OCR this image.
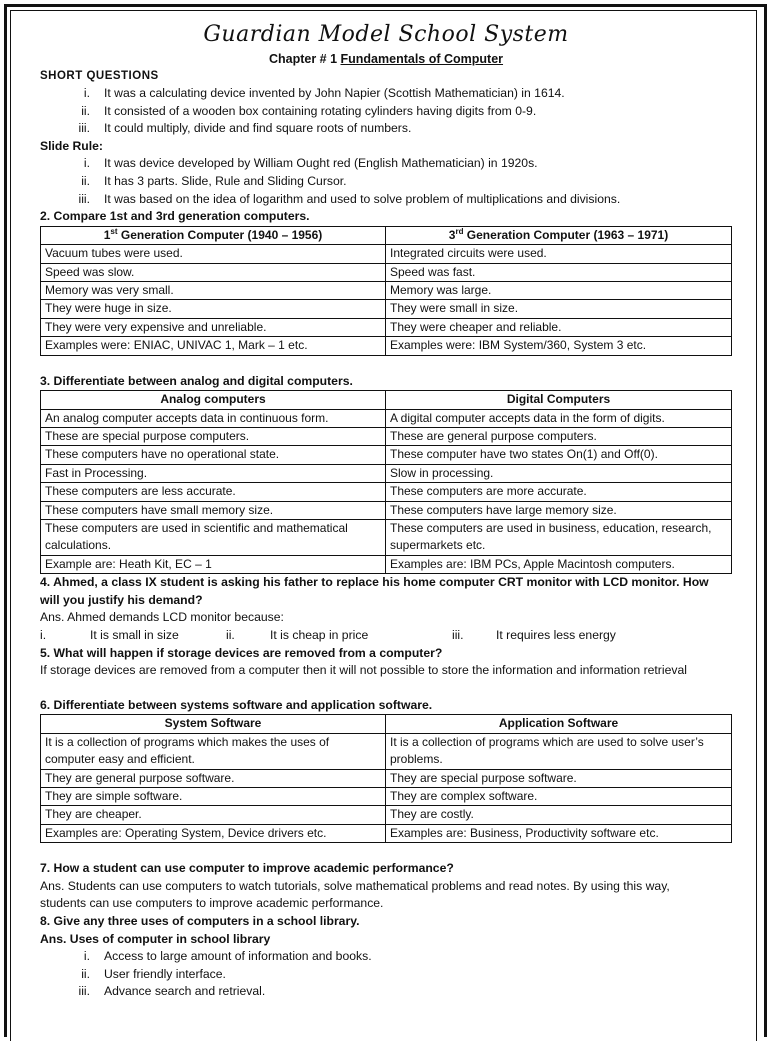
Guardian Model School System

Chapter # 1 Fundamentals of Computer

SHORT QUESTIONS

i.	It was a calculating device invented by John Napier (Scottish Mathematician) in 1614.
ii.	It consisted of a wooden box containing rotating cylinders having digits from 0-9.
iii.	It could multiply, divide and find square roots of numbers.

Slide Rule:

i.	It was device developed by William Ought red (English Mathematician) in 1920s.
ii.	It has 3 parts. Slide, Rule and Sliding Cursor.
iii.	It was based on the idea of logarithm and used to solve problem of multiplications and divisions.

2. Compare 1st and 3rd generation computers.

1st Generation Computer (1940 – 1956)	3rd Generation Computer (1963 – 1971)
Vacuum tubes were used.	Integrated circuits were used.
Speed was slow.	Speed was fast.
Memory was very small.	Memory was large.
They were huge in size.	They were small in size.
They were very expensive and unreliable.	They were cheaper and reliable.
Examples were: ENIAC, UNIVAC 1, Mark – 1 etc.	Examples were: IBM System/360, System 3 etc.

3. Differentiate between analog and digital computers.

Analog computers	Digital Computers
An analog computer accepts data in continuous form.	A digital computer accepts data in the form of digits.
These are special purpose computers.	These are general purpose computers.
These computers have no operational state.	These computer have two states On(1) and Off(0).
Fast in Processing.	Slow in processing.
These computers are less accurate.	These computers are more accurate.
These computers have small memory size.	These computers have large memory size.
These computers are used in scientific and mathematical calculations.	These computers are used in business, education, research, supermarkets etc.
Example are: Heath Kit, EC – 1	Examples are: IBM PCs, Apple Macintosh computers.

4. Ahmed, a class IX student is asking his father to replace his home computer CRT monitor with LCD monitor. How

will you justify his demand?

Ans. Ahmed demands LCD monitor because:

i.	It is small in size	ii.	It is cheap in price	iii.	It requires less energy

5. What will happen if storage devices are removed from a computer?

If storage devices are removed from a computer then it will not possible to store the information and information retrieval

6. Differentiate between systems software and application software.

System Software	Application Software
It is a collection of programs which makes the uses of computer easy and efficient.	It is a collection of programs which are used to solve user’s problems.
They are general purpose software.	They are special purpose software.
They are simple software.	They are complex software.
They are cheaper.	They are costly.
Examples are: Operating System, Device drivers etc.	Examples are: Business, Productivity software etc.

7. How a student can use computer to improve academic performance?

Ans. Students can use computers to watch tutorials, solve mathematical problems and read notes. By using this way,

students can use computers to improve academic performance.

8. Give any three uses of computers in a school library.

Ans. Uses of computer in school library

i.	Access to large amount of information and books.
ii.	User friendly interface.
iii.	Advance search and retrieval.
